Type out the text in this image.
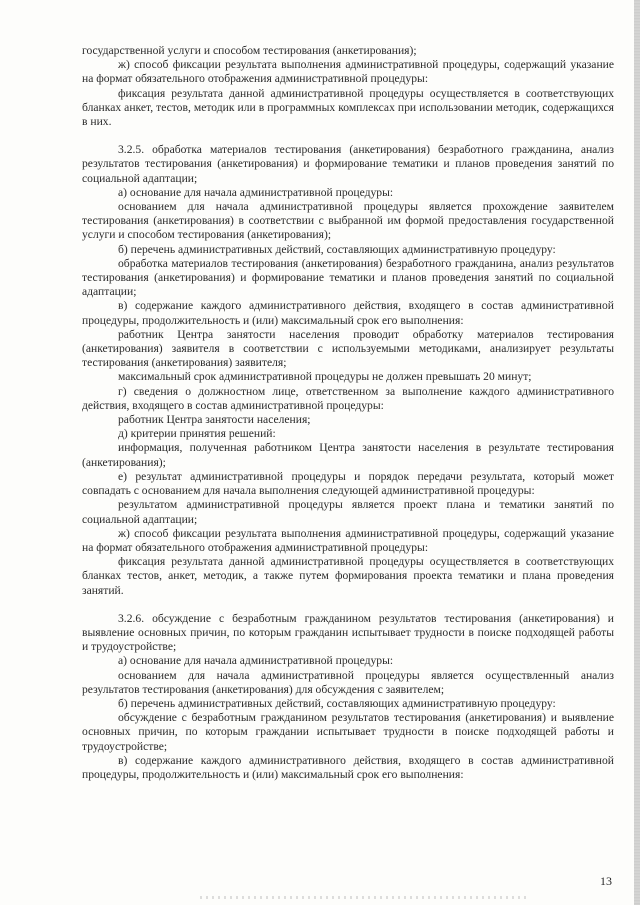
государственной услуги и способом тестирования (анкетирования);

ж) способ фиксации результата выполнения административной процедуры, содержащий указание на формат обязательного отображения административной процедуры:

фиксация результата данной административной процедуры осуществляется в соответствующих бланках анкет, тестов, методик или в программных комплексах при использовании методик, содержащихся в них.

3.2.5. обработка материалов тестирования (анкетирования) безработного гражданина, анализ результатов тестирования (анкетирования) и формирование тематики и планов проведения занятий по социальной адаптации;

а) основание для начала административной процедуры:

основанием для начала административной процедуры является прохождение заявителем тестирования (анкетирования) в соответствии с выбранной им формой предоставления государственной услуги и способом тестирования (анкетирования);

б) перечень административных действий, составляющих административную процедуру:

обработка материалов тестирования (анкетирования) безработного гражданина, анализ результатов тестирования (анкетирования) и формирование тематики и планов проведения занятий по социальной адаптации;

в) содержание каждого административного действия, входящего в состав административной процедуры, продолжительность и (или) максимальный срок его выполнения:

работник Центра занятости населения проводит обработку материалов тестирования (анкетирования) заявителя в соответствии с используемыми методиками, анализирует результаты тестирования (анкетирования) заявителя;

максимальный срок административной процедуры не должен превышать 20 минут;

г) сведения о должностном лице, ответственном за выполнение каждого административного действия, входящего в состав административной процедуры:

работник Центра занятости населения;

д) критерии принятия решений:

информация, полученная работником Центра занятости населения в результате тестирования (анкетирования);

е) результат административной процедуры и порядок передачи результата, который может совпадать с основанием для начала выполнения следующей административной процедуры:

результатом административной процедуры является проект плана и тематики занятий по социальной адаптации;

ж) способ фиксации результата выполнения административной процедуры, содержащий указание на формат обязательного отображения административной процедуры:

фиксация результата данной административной процедуры осуществляется в соответствующих бланках тестов, анкет, методик, а также путем формирования проекта тематики и плана проведения занятий.

3.2.6. обсуждение с безработным гражданином результатов тестирования (анкетирования) и выявление основных причин, по которым гражданин испытывает трудности в поиске подходящей работы и трудоустройстве;

а) основание для начала административной процедуры:

основанием для начала административной процедуры является осуществленный анализ результатов тестирования (анкетирования) для обсуждения с заявителем;

б) перечень административных действий, составляющих административную процедуру:

обсуждение с безработным гражданином результатов тестирования (анкетирования) и выявление основных причин, по которым граждании испытывает трудности в поиске подходящей работы и трудоустройстве;

в) содержание каждого административного действия, входящего в состав административной процедуры, продолжительность и (или) максимальный срок его выполнения:

13
